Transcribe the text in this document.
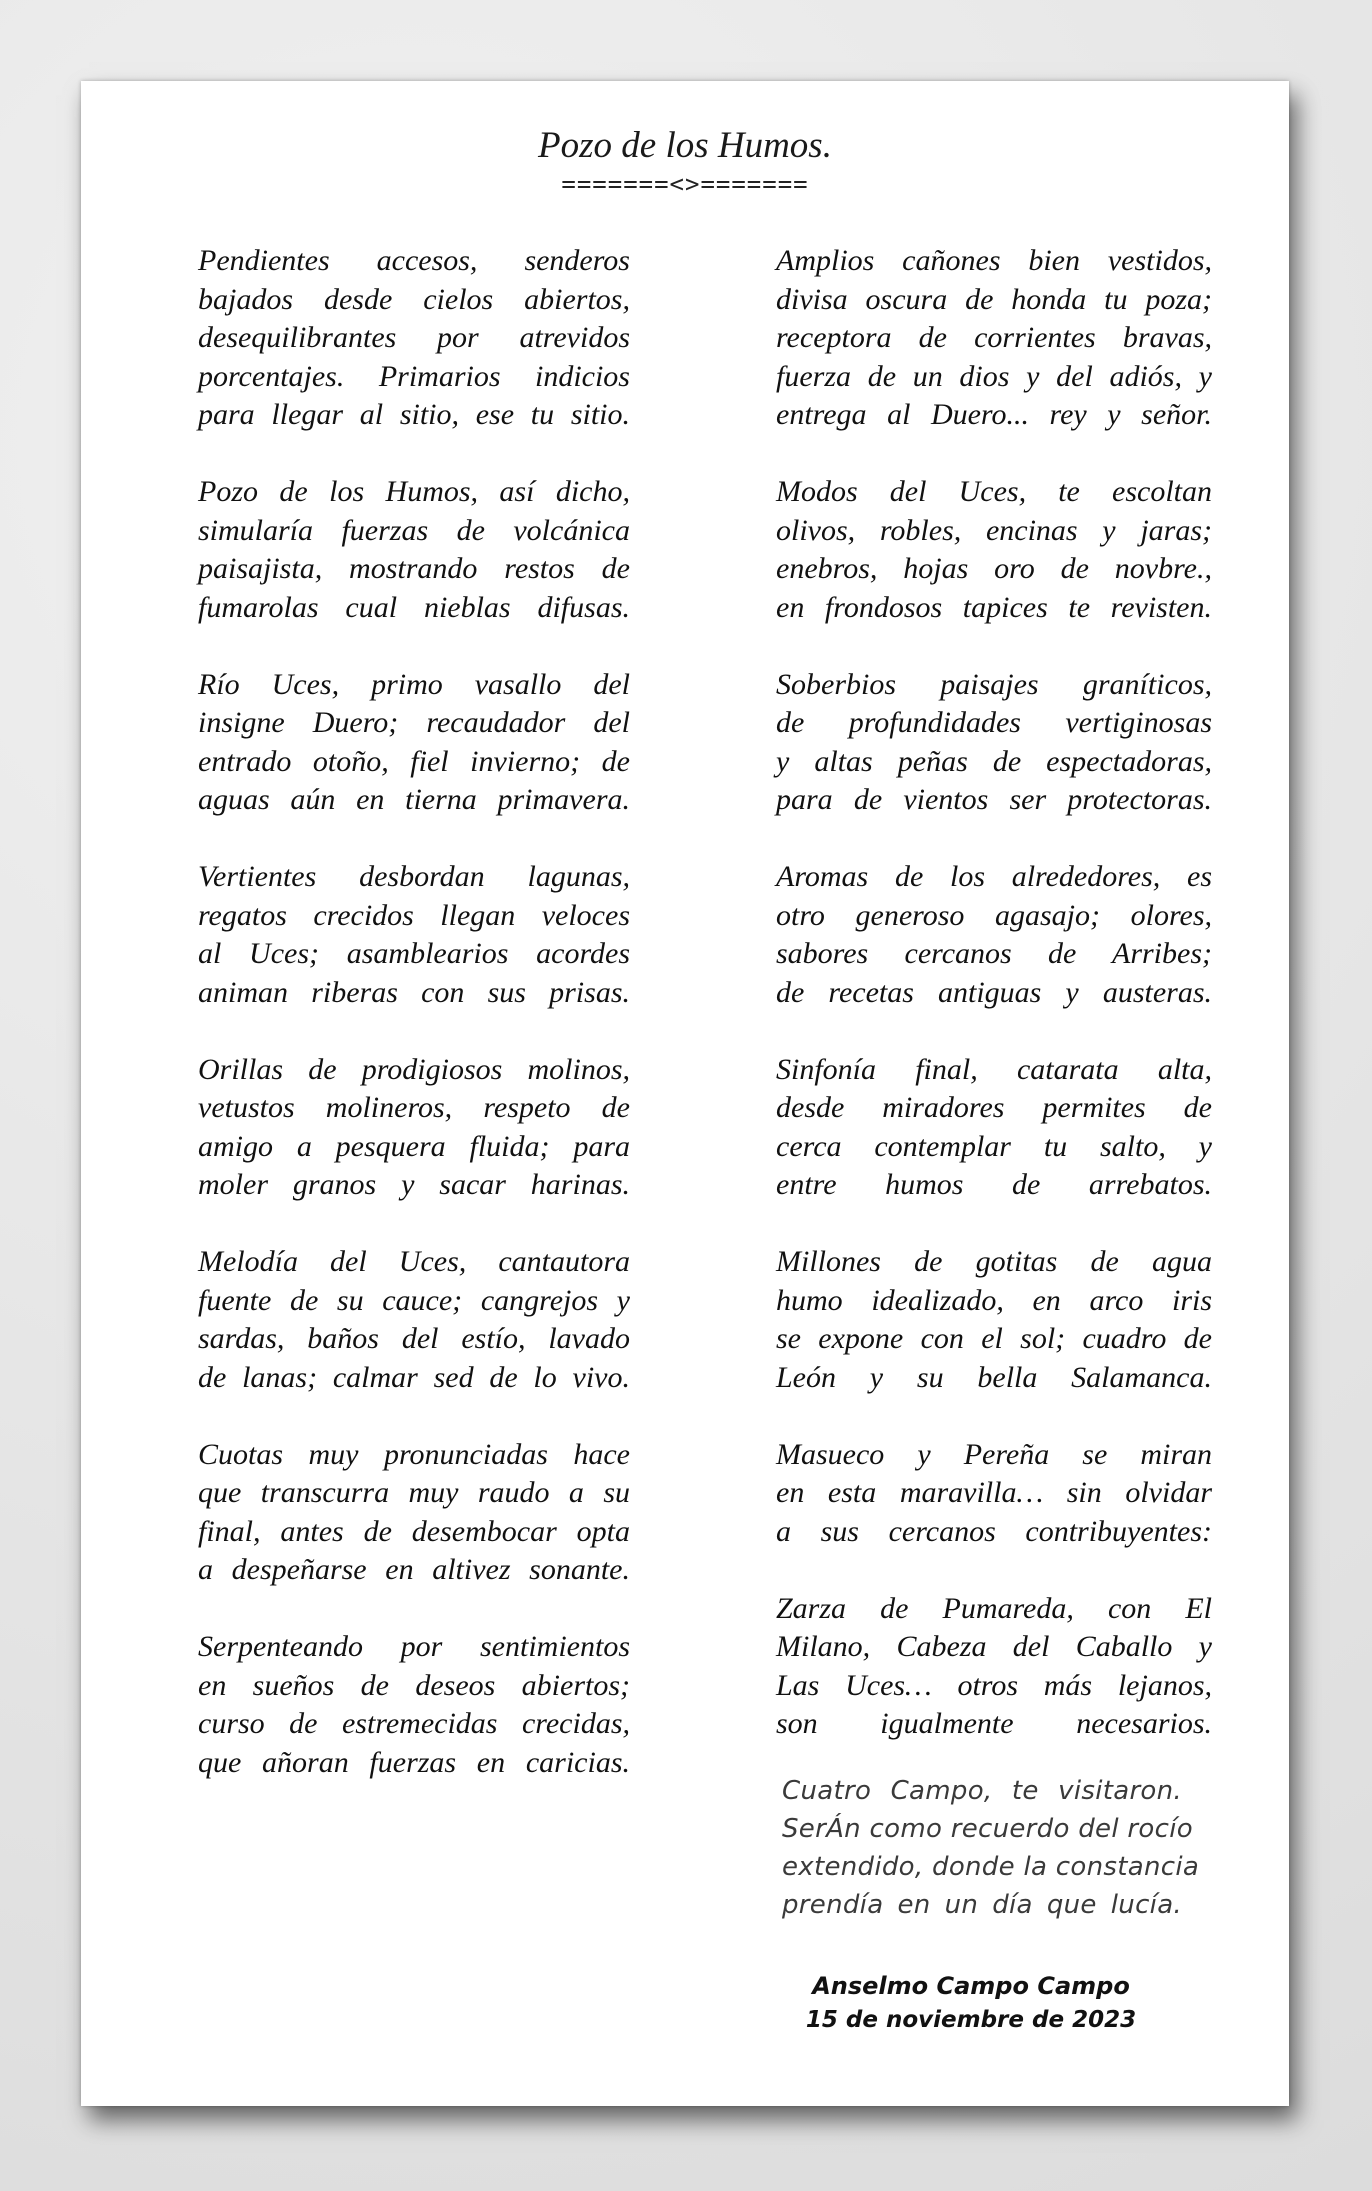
Pozo de los Humos.
=======<>=======
Pendientes accesos, senderos
bajados desde cielos abiertos,
desequilibrantes por atrevidos
porcentajes. Primarios indicios
para llegar al sitio, ese tu sitio.
Pozo de los Humos, así dicho,
simularía fuerzas de volcánica
paisajista, mostrando restos de
fumarolas cual nieblas difusas.
Río Uces, primo vasallo del
insigne Duero; recaudador del
entrado otoño, fiel invierno; de
aguas aún en tierna primavera.
Vertientes desbordan lagunas,
regatos crecidos llegan veloces
al Uces; asamblearios acordes
animan riberas con sus prisas.
Orillas de prodigiosos molinos,
vetustos molineros, respeto de
amigo a pesquera fluida; para
moler granos y sacar harinas.
Melodía del Uces, cantautora
fuente de su cauce; cangrejos y
sardas, baños del estío, lavado
de lanas; calmar sed de lo vivo.
Cuotas muy pronunciadas hace
que transcurra muy raudo a su
final, antes de desembocar opta
a despeñarse en altivez sonante.
Serpenteando por sentimientos
en sueños de deseos abiertos;
curso de estremecidas crecidas,
que añoran fuerzas en caricias.
Amplios cañones bien vestidos,
divisa oscura de honda tu poza;
receptora de corrientes bravas,
fuerza de un dios y del adiós, y
entrega al Duero... rey y señor.
Modos del Uces, te escoltan
olivos, robles, encinas y jaras;
enebros, hojas oro de novbre.,
en frondosos tapices te revisten.
Soberbios paisajes graníticos,
de profundidades vertiginosas
y altas peñas de espectadoras,
para de vientos ser protectoras.
Aromas de los alrededores, es
otro generoso agasajo; olores,
sabores cercanos de Arribes;
de recetas antiguas y austeras.
Sinfonía final, catarata alta,
desde miradores permites de
cerca contemplar tu salto, y
entre humos de arrebatos.
Millones de gotitas de agua
humo idealizado, en arco iris
se expone con el sol; cuadro de
León y su bella Salamanca.
Masueco y Pereña se miran
en esta maravilla… sin olvidar
a sus cercanos contribuyentes:
Zarza de Pumareda, con El
Milano, Cabeza del Caballo y
Las Uces… otros más lejanos,
son igualmente necesarios.
Cuatro Campo, te visitaron.
SerÁn como recuerdo del rocío
extendido, donde la constancia
prendía en un día que lucía.
Anselmo Campo Campo
15 de noviembre de 2023
